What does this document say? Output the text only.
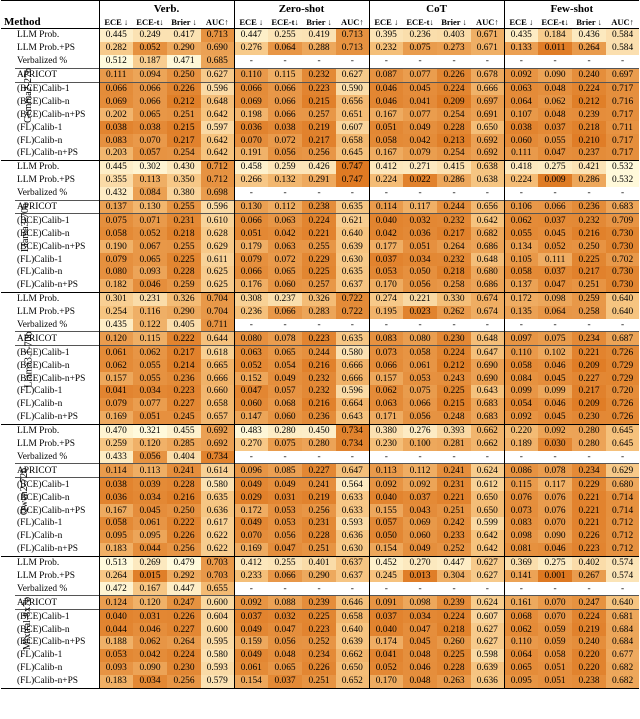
		Verb.				Zero-shot				CoT				Few-shot			
Method		ECE ↓	ECE-t↓	Brier ↓	AUC↑	ECE ↓	ECE-t↓	Brier ↓	AUC↑	ECE ↓	ECE-t↓	Brier ↓	AUC↑	ECE ↓	ECE-t↓	Brier ↓	AUC↑
Gemma2-27b	LLM Prob.	0.445	0.249	0.417	0.713	0.447	0.255	0.419	0.713	0.395	0.236	0.403	0.671	0.435	0.184	0.436	0.584
	LLM Prob.+PS	0.282	0.052	0.290	0.690	0.276	0.064	0.288	0.713	0.232	0.075	0.273	0.671	0.133	0.011	0.264	0.584
	Verbalized %	0.512	0.187	0.471	0.685	-	-	-	-	-	-	-	-	-	-	-	-
	APRICOT	0.111	0.094	0.250	0.627	0.110	0.115	0.232	0.627	0.087	0.077	0.226	0.678	0.092	0.090	0.240	0.697
	(BCE)Calib-1	0.066	0.066	0.226	0.596	0.066	0.066	0.223	0.590	0.046	0.045	0.224	0.666	0.063	0.048	0.224	0.717
	(BCE)Calib-n	0.069	0.066	0.212	0.648	0.069	0.066	0.215	0.656	0.046	0.041	0.209	0.697	0.064	0.062	0.212	0.716
	(BCE)Calib-n+PS	0.202	0.065	0.251	0.642	0.198	0.066	0.257	0.651	0.167	0.077	0.254	0.691	0.107	0.048	0.239	0.717
	(FL)Calib-1	0.038	0.038	0.215	0.597	0.036	0.038	0.219	0.607	0.051	0.049	0.228	0.650	0.038	0.037	0.218	0.711
	(FL)Calib-n	0.083	0.070	0.217	0.642	0.070	0.072	0.217	0.658	0.058	0.042	0.213	0.692	0.060	0.055	0.210	0.717
	(FL)Calib-n+PS	0.203	0.057	0.254	0.642	0.191	0.056	0.256	0.645	0.167	0.079	0.254	0.692	0.111	0.047	0.237	0.717
Llama3-70b	LLM Prob.	0.445	0.302	0.430	0.712	0.458	0.259	0.426	0.747	0.412	0.271	0.415	0.638	0.418	0.275	0.421	0.532
	LLM Prob.+PS	0.355	0.113	0.350	0.712	0.266	0.132	0.291	0.747	0.224	0.022	0.286	0.638	0.224	0.009	0.286	0.532
	Verbalized %	0.432	0.084	0.380	0.698	-	-	-	-	-	-	-	-	-	-	-	-
	APRICOT	0.137	0.130	0.255	0.596	0.130	0.112	0.238	0.635	0.114	0.117	0.244	0.656	0.106	0.066	0.236	0.683
	(BCE)Calib-1	0.075	0.071	0.231	0.610	0.066	0.063	0.224	0.621	0.040	0.032	0.232	0.642	0.062	0.037	0.232	0.709
	(BCE)Calib-n	0.058	0.052	0.218	0.628	0.051	0.042	0.221	0.640	0.042	0.036	0.217	0.682	0.055	0.045	0.216	0.730
	(BCE)Calib-n+PS	0.190	0.067	0.255	0.629	0.179	0.063	0.255	0.639	0.177	0.051	0.264	0.686	0.134	0.052	0.250	0.730
	(FL)Calib-1	0.079	0.065	0.225	0.611	0.079	0.072	0.229	0.630	0.037	0.034	0.232	0.648	0.105	0.111	0.225	0.702
	(FL)Calib-n	0.080	0.093	0.228	0.625	0.066	0.065	0.225	0.635	0.053	0.050	0.218	0.680	0.058	0.037	0.217	0.730
	(FL)Calib-n+PS	0.182	0.046	0.259	0.625	0.176	0.060	0.257	0.637	0.170	0.056	0.258	0.686	0.137	0.047	0.251	0.730
Llama3.1-70b	LLM Prob.	0.301	0.231	0.326	0.704	0.308	0.237	0.326	0.722	0.274	0.221	0.330	0.674	0.172	0.098	0.259	0.640
	LLM Prob.+PS	0.254	0.116	0.290	0.704	0.236	0.066	0.283	0.722	0.195	0.023	0.262	0.674	0.135	0.064	0.258	0.640
	Verbalized %	0.435	0.122	0.405	0.711	-	-	-	-	-	-	-	-	-	-	-	-
	APRICOT	0.120	0.115	0.222	0.644	0.080	0.078	0.223	0.635	0.083	0.080	0.230	0.648	0.097	0.075	0.234	0.687
	(BCE)Calib-1	0.061	0.062	0.217	0.618	0.063	0.065	0.244	0.580	0.073	0.058	0.224	0.647	0.110	0.102	0.221	0.726
	(BCE)Calib-n	0.062	0.055	0.214	0.665	0.052	0.054	0.216	0.666	0.066	0.061	0.212	0.690	0.058	0.046	0.209	0.729
	(BCE)Calib-n+PS	0.157	0.055	0.236	0.666	0.152	0.049	0.232	0.666	0.157	0.053	0.243	0.690	0.084	0.045	0.227	0.729
	(FL)Calib-1	0.041	0.034	0.223	0.660	0.047	0.057	0.232	0.596	0.062	0.075	0.225	0.643	0.099	0.099	0.217	0.720
	(FL)Calib-n	0.079	0.077	0.227	0.658	0.060	0.068	0.216	0.664	0.063	0.066	0.215	0.683	0.054	0.046	0.209	0.726
	(FL)Calib-n+PS	0.169	0.051	0.245	0.657	0.147	0.060	0.236	0.643	0.171	0.056	0.248	0.683	0.092	0.045	0.230	0.726
Qwen2-72b	LLM Prob.	0.470	0.321	0.455	0.692	0.483	0.280	0.450	0.734	0.380	0.276	0.393	0.662	0.220	0.092	0.280	0.645
	LLM Prob.+PS	0.259	0.120	0.285	0.692	0.270	0.075	0.280	0.734	0.230	0.100	0.281	0.662	0.189	0.030	0.280	0.645
	Verbalized %	0.433	0.056	0.404	0.734	-	-	-	-	-	-	-	-	-	-	-	-
	APRICOT	0.114	0.113	0.241	0.614	0.096	0.085	0.227	0.647	0.113	0.112	0.241	0.624	0.086	0.078	0.234	0.629
	(BCE)Calib-1	0.038	0.039	0.228	0.580	0.049	0.049	0.241	0.564	0.092	0.092	0.231	0.612	0.115	0.117	0.229	0.680
	(BCE)Calib-n	0.036	0.034	0.216	0.635	0.029	0.031	0.219	0.633	0.040	0.037	0.221	0.650	0.076	0.076	0.221	0.714
	(BCE)Calib-n+PS	0.167	0.045	0.250	0.636	0.172	0.053	0.256	0.633	0.155	0.043	0.251	0.650	0.073	0.076	0.221	0.714
	(FL)Calib-1	0.058	0.061	0.222	0.617	0.049	0.053	0.231	0.593	0.057	0.069	0.242	0.599	0.083	0.070	0.221	0.712
	(FL)Calib-n	0.095	0.095	0.226	0.622	0.070	0.056	0.228	0.636	0.050	0.060	0.233	0.642	0.098	0.090	0.226	0.712
	(FL)Calib-n+PS	0.183	0.044	0.256	0.622	0.169	0.047	0.251	0.630	0.154	0.049	0.252	0.642	0.081	0.046	0.223	0.712
Mixtral-8x7b	LLM Prob.	0.513	0.269	0.479	0.703	0.412	0.255	0.401	0.637	0.452	0.270	0.447	0.627	0.369	0.275	0.402	0.574
	LLM Prob.+PS	0.264	0.015	0.292	0.703	0.233	0.066	0.290	0.637	0.245	0.013	0.304	0.627	0.141	0.001	0.267	0.574
	Verbalized %	0.472	0.167	0.447	0.655	-	-	-	-	-	-	-	-	-	-	-	-
	APRICOT	0.124	0.120	0.247	0.600	0.092	0.088	0.239	0.646	0.091	0.098	0.239	0.624	0.161	0.070	0.247	0.640
	(BCE)Calib-1	0.040	0.031	0.226	0.604	0.037	0.032	0.225	0.658	0.037	0.034	0.224	0.607	0.068	0.070	0.224	0.681
	(BCE)Calib-n	0.044	0.046	0.227	0.600	0.049	0.047	0.223	0.640	0.040	0.047	0.218	0.627	0.062	0.059	0.219	0.684
	(BCE)Calib-n+PS	0.188	0.062	0.264	0.595	0.159	0.056	0.252	0.639	0.174	0.045	0.260	0.627	0.110	0.059	0.240	0.684
	(FL)Calib-1	0.053	0.042	0.224	0.580	0.049	0.048	0.234	0.662	0.041	0.048	0.225	0.598	0.064	0.058	0.220	0.677
	(FL)Calib-n	0.093	0.090	0.230	0.593	0.061	0.065	0.226	0.650	0.052	0.046	0.228	0.639	0.065	0.051	0.220	0.682
	(FL)Calib-n+PS	0.183	0.034	0.256	0.579	0.154	0.037	0.251	0.652	0.170	0.048	0.263	0.636	0.095	0.051	0.238	0.682
